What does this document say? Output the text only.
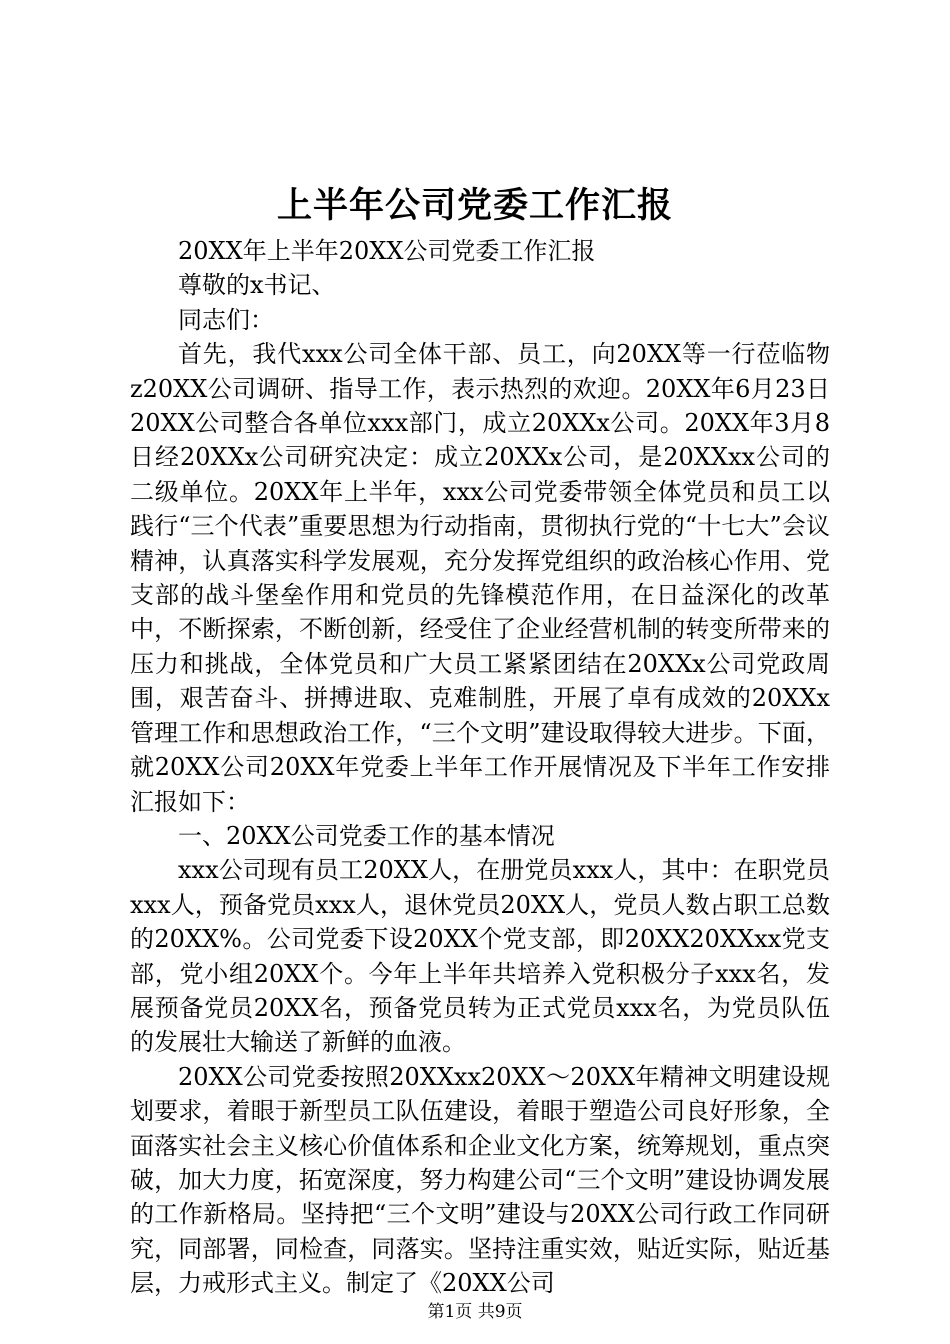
上半年公司党委工作汇报

20XX年上半年20XX公司党委工作汇报

尊敬的x书记、

同志们：

首先，我代xxx公司全体干部、员工，向20XX等一行莅临物z20XX公司调研、指导工作，表示热烈的欢迎。20XX年6月23日20XX公司整合各单位xxx部门，成立20XXx公司。20XX年3月8日经20XXx公司研究决定：成立20XXx公司，是20XXxx公司的二级单位。20XX年上半年，xxx公司党委带领全体党员和员工以践行“三个代表”重要思想为行动指南，贯彻执行党的“十七大”会议精神，认真落实科学发展观，充分发挥党组织的政治核心作用、党支部的战斗堡垒作用和党员的先锋模范作用，在日益深化的改革中，不断探索，不断创新，经受住了企业经营机制的转变所带来的压力和挑战，全体党员和广大员工紧紧团结在20XXx公司党政周围，艰苦奋斗、拼搏进取、克难制胜，开展了卓有成效的20XXx管理工作和思想政治工作，“三个文明”建设取得较大进步。下面，就20XX公司20XX年党委上半年工作开展情况及下半年工作安排汇报如下：

一、20XX公司党委工作的基本情况

xxx公司现有员工20XX人，在册党员xxx人，其中：在职党员xxx人，预备党员xxx人，退休党员20XX人，党员人数占职工总数的20XX%。公司党委下设20XX个党支部，即20XX20XXxx党支部，党小组20XX个。今年上半年共培养入党积极分子xxx名，发展预备党员20XX名，预备党员转为正式党员xxx名，为党员队伍的发展壮大输送了新鲜的血液。

20XX公司党委按照20XXxx20XX～20XX年精神文明建设规划要求，着眼于新型员工队伍建设，着眼于塑造公司良好形象，全面落实社会主义核心价值体系和企业文化方案，统筹规划，重点突破，加大力度，拓宽深度，努力构建公司“三个文明”建设协调发展的工作新格局。坚持把“三个文明”建设与20XX公司行政工作同研究，同部署，同检查，同落实。坚持注重实效，贴近实际，贴近基层，力戒形式主义。制定了《20XX公司

第1页 共9页
